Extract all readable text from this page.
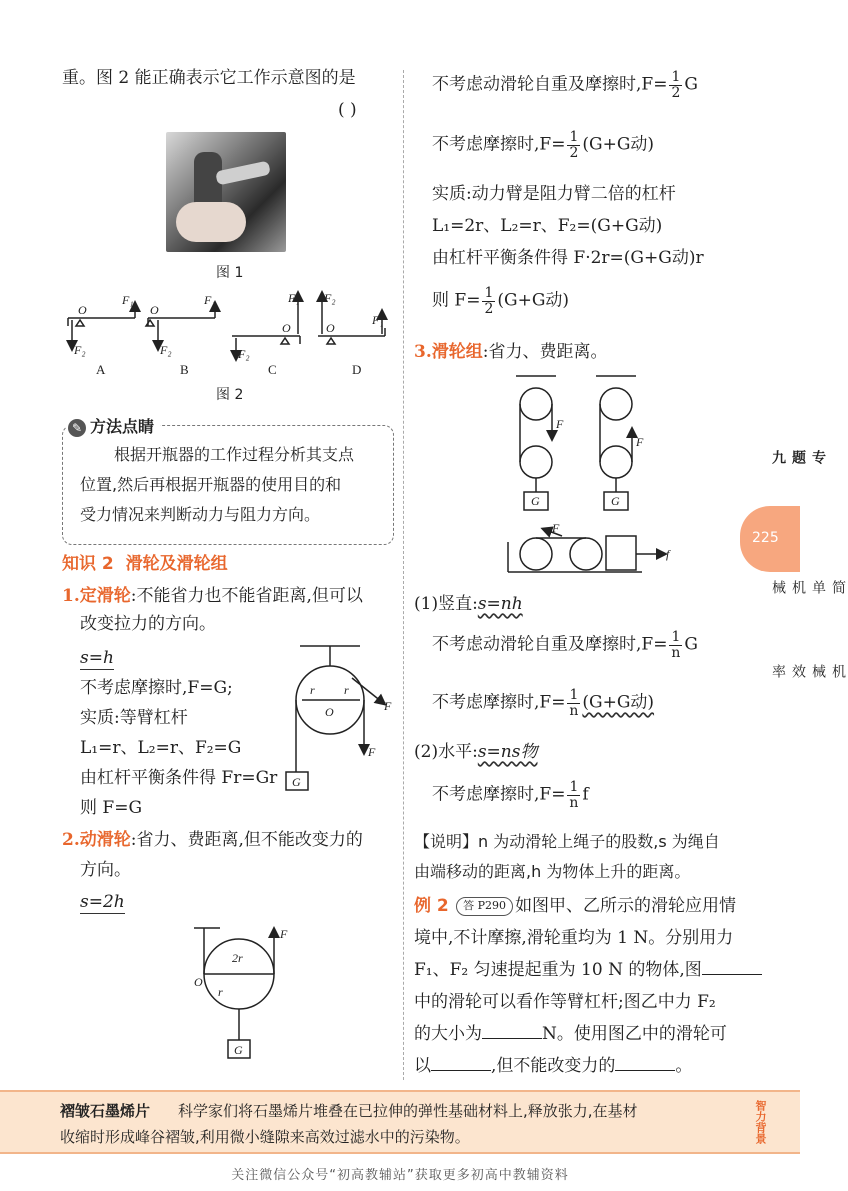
重。图 2 能正确表示它工作示意图的是
( )
图 1
O
F₁
F₂
O
F₁
F₂
O
F₁
F₂
O
F₂
F₁
A	B	C	D
图 2
✎ 方法点睛
根据开瓶器的工作过程分析其支点
位置,然后再根据开瓶器的使用目的和
受力情况来判断动力与阻力方向。
知识 2 滑轮及滑轮组
1.定滑轮:不能省力也不能省距离,但可以
改变拉力的方向。
s=h
不考虑摩擦时,F=G;
实质:等臂杠杆
L₁=r、L₂=r、F₂=G
由杠杆平衡条件得 Fr=Gr
则 F=G
O
r r
F
F
G
2.动滑轮:省力、费距离,但不能改变力的
方向。
s=2h
2r
O
r
F
G
不考虑动滑轮自重及摩擦时$,F= \frac{1}{2}$ G
不考虑摩擦时$,F= \frac{1}{2} (G+G$动)
实质:动力臂是阻力臂二倍的杠杆
L₁=2r、L₂=r、F₂=(G+G动)
由杠杆平衡条件得 F·2r=(G+G动)r
则 $F= \frac{1}{2} (G+G$动)
3.滑轮组:省力、费距离。
F
F
G	G
F
f
(1)竖直:s=nh
不考虑动滑轮自重及摩擦时$,F= \frac{1}{n}$ G
不考虑摩擦时$,F= \frac{1}{n} (G+G$动)
(2)水平:s=ns物
不考虑摩擦时$,F= \frac{1}{n}$ f
【说明】n 为动滑轮上绳子的股数,s 为绳自
由端移动的距离,h 为物体上升的距离。
例 2 答 P290 如图甲、乙所示的滑轮应用情
境中,不计摩擦,滑轮重均为 1 N。分别用力
F₁、F₂ 匀速提起重为 10 N 的物体,图
中的滑轮可以看作等臂杠杆;图乙中力 F₂
的大小为	N。使用图乙中的滑轮可
以	,但不能改变力的	。
专题九
225
简单机械
机械效率
褶皱石墨烯片 科学家们将石墨烯片堆叠在已拉伸的弹性基础材料上,释放张力,在基材
收缩时形成峰谷褶皱,利用微小缝隙来高效过滤水中的污染物。	智力背景
关注微信公众号“初高教辅站”获取更多初高中教辅资料
